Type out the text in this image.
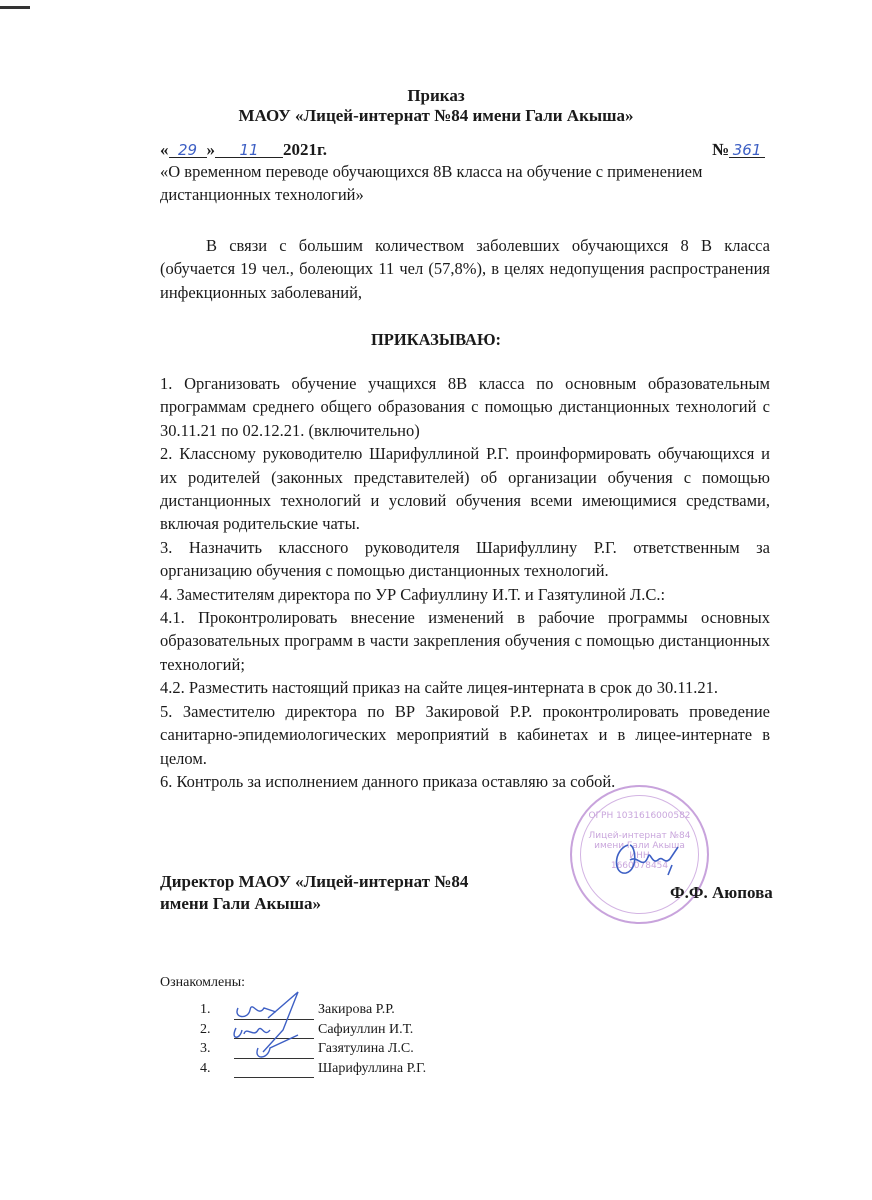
Приказ
МАОУ «Лицей-интернат №84 имени Гали Акыша»
« 29 » 11 2021г.	№ 361
«О временном переводе обучающихся 8В класса на обучение с применением дистанционных технологий»
В связи с большим количеством заболевших обучающихся 8 В класса (обучается 19 чел., болеющих 11 чел (57,8%), в целях недопущения распространения инфекционных заболеваний,
ПРИКАЗЫВАЮ:

1. Организовать обучение учащихся 8В класса по основным образовательным программам среднего общего образования с помощью дистанционных технологий с 30.11.21 по 02.12.21. (включительно)

2. Классному руководителю Шарифуллиной Р.Г. проинформировать обучающихся и их родителей (законных представителей) об организации обучения с помощью дистанционных технологий и условий обучения всеми имеющимися средствами, включая родительские чаты.

3. Назначить классного руководителя Шарифуллину Р.Г. ответственным за организацию обучения с помощью дистанционных технологий.

4. Заместителям директора по УР Сафиуллину И.Т. и Газятулиной Л.С.:

4.1. Проконтролировать внесение изменений в рабочие программы основных образовательных программ в части закрепления обучения с помощью дистанционных технологий;

4.2. Разместить настоящий приказ на сайте лицея-интерната в срок до 30.11.21.

5. Заместителю директора по ВР Закировой Р.Р. проконтролировать проведение санитарно-эпидемиологических мероприятий в кабинетах и в лицее-интернате в целом.

6. Контроль за исполнением данного приказа оставляю за собой.

Директор МАОУ «Лицей-интернат №84
имени Гали Акыша»
ОГРН 1031616000582
Лицей-интернат №84
имени Гали Акыша
ИНН
1660078454
Ф.Ф. Аюпова
Ознакомлены:
1.	Закирова Р.Р.
2.	Сафиуллин И.Т.
3.	Газятулина Л.С.
4.	Шарифуллина Р.Г.
